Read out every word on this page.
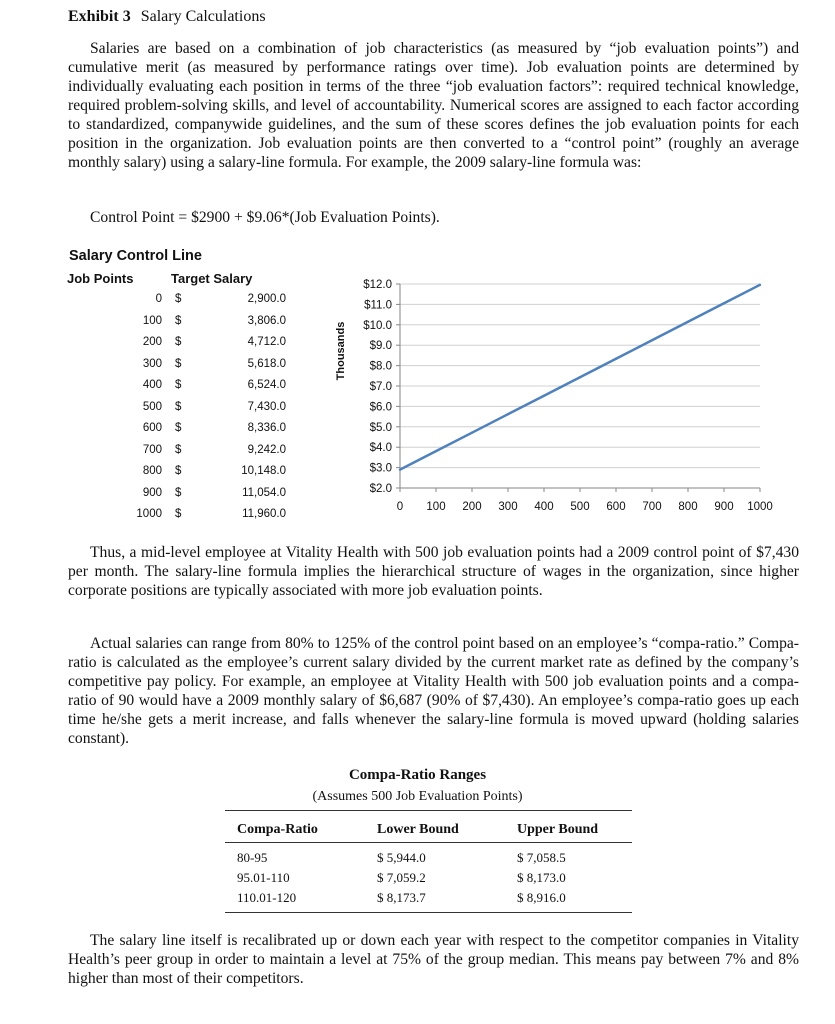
Exhibit 3 Salary Calculations

Salaries are based on a combination of job characteristics (as measured by “job evaluation points”) and cumulative merit (as measured by performance ratings over time). Job evaluation points are determined by individually evaluating each position in terms of the three “job evaluation factors”: required technical knowledge, required problem-solving skills, and level of accountability. Numerical scores are assigned to each factor according to standardized, companywide guidelines, and the sum of these scores defines the job evaluation points for each position in the organization. Job evaluation points are then converted to a “control point” (roughly an average monthly salary) using a salary-line formula. For example, the 2009 salary-line formula was:

Control Point = $2900 + $9.06*(Job Evaluation Points).
Salary Control Line
Job Points	Target Salary
0 $	2,900.0
100 $	3,806.0
200 $	4,712.0
300 $	5,618.0
400 $	6,524.0
500 $	7,430.0
600 $	8,336.0
700 $	9,242.0
800 $	10,148.0
900 $	11,054.0
1000 $	11,960.0
$2.0
$3.0
$4.0
$5.0
$6.0
$7.0
$8.0
$9.0
$10.0
$11.0
$12.0
0 100 200 300 400 500 600 700 800 900 1000
Thousands

Thus, a mid-level employee at Vitality Health with 500 job evaluation points had a 2009 control point of $7,430 per month. The salary-line formula implies the hierarchical structure of wages in the organization, since higher corporate positions are typically associated with more job evaluation points.

Actual salaries can range from 80% to 125% of the control point based on an employee’s “compa-ratio.” Compa-ratio is calculated as the employee’s current salary divided by the current market rate as defined by the company’s competitive pay policy. For example, an employee at Vitality Health with 500 job evaluation points and a compa-ratio of 90 would have a 2009 monthly salary of $6,687 (90% of $7,430). An employee’s compa-ratio goes up each time he/she gets a merit increase, and falls whenever the salary-line formula is moved upward (holding salaries constant).

Compa-Ratio Ranges
(Assumes 500 Job Evaluation Points)
Compa-Ratio	Lower Bound	Upper Bound
80-95	$ 5,944.0	$ 7,058.5
95.01-110	$ 7,059.2	$ 8,173.0
110.01-120	$ 8,173.7	$ 8,916.0

The salary line itself is recalibrated up or down each year with respect to the competitor companies in Vitality Health’s peer group in order to maintain a level at 75% of the group median. This means pay between 7% and 8% higher than most of their competitors.
